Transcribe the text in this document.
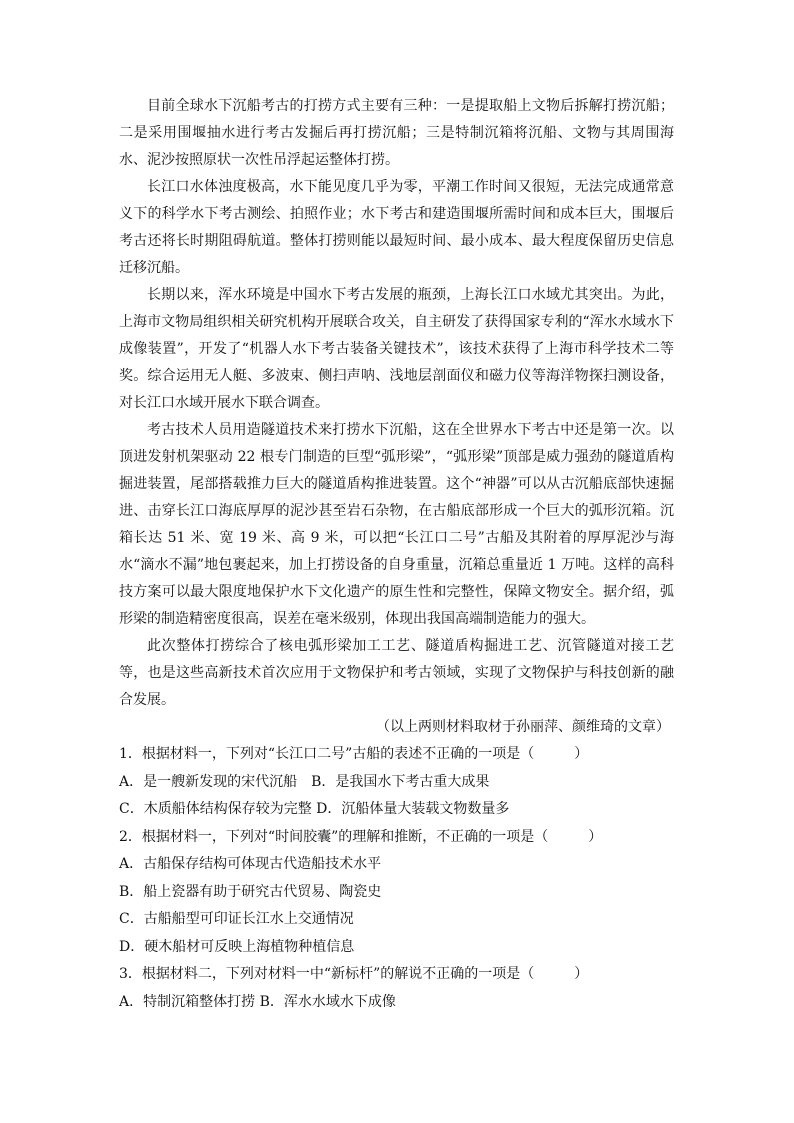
目前全球水下沉船考古的打捞方式主要有三种：一是提取船上文物后拆解打捞沉船；二是采用围堰抽水进行考古发掘后再打捞沉船；三是特制沉箱将沉船、文物与其周围海水、泥沙按照原状一次性吊浮起运整体打捞。

长江口水体浊度极高，水下能见度几乎为零，平潮工作时间又很短，无法完成通常意义下的科学水下考古测绘、拍照作业；水下考古和建造围堰所需时间和成本巨大，围堰后考古还将长时期阻碍航道。整体打捞则能以最短时间、最小成本、最大程度保留历史信息迁移沉船。

长期以来，浑水环境是中国水下考古发展的瓶颈，上海长江口水域尤其突出。为此，上海市文物局组织相关研究机构开展联合攻关，自主研发了获得国家专利的“浑水水域水下成像装置”，开发了“机器人水下考古装备关键技术”，该技术获得了上海市科学技术二等奖。综合运用无人艇、多波束、侧扫声呐、浅地层剖面仪和磁力仪等海洋物探扫测设备，对长江口水域开展水下联合调查。

考古技术人员用造隧道技术来打捞水下沉船，这在全世界水下考古中还是第一次。以顶进发射机架驱动 22 根专门制造的巨型“弧形梁”，“弧形梁”顶部是威力强劲的隧道盾构掘进装置，尾部搭载推力巨大的隧道盾构推进装置。这个“神器”可以从古沉船底部快速掘进、击穿长江口海底厚厚的泥沙甚至岩石杂物，在古船底部形成一个巨大的弧形沉箱。沉箱长达 51 米、宽 19 米、高 9 米，可以把“长江口二号”古船及其附着的厚厚泥沙与海水“滴水不漏”地包裹起来，加上打捞设备的自身重量，沉箱总重量近 1 万吨。这样的高科技方案可以最大限度地保护水下文化遗产的原生性和完整性，保障文物安全。据介绍，弧形梁的制造精密度很高，误差在毫米级别，体现出我国高端制造能力的强大。

此次整体打捞综合了核电弧形梁加工工艺、隧道盾构掘进工艺、沉管隧道对接工艺等，也是这些高新技术首次应用于文物保护和考古领域，实现了文物保护与科技创新的融合发展。

（以上两则材料取材于孙丽萍、颜维琦的文章）

1．根据材料一，下列对“长江口二号”古船的表述不正确的一项是（	）

A．是一艘新发现的宋代沉船 B．是我国水下考古重大成果

C．木质船体结构保存较为完整 D．沉船体量大装载文物数量多

2．根据材料一，下列对“时间胶囊”的理解和推断，不正确的一项是（	）

A．古船保存结构可体现古代造船技术水平

B．船上瓷器有助于研究古代贸易、陶瓷史

C．古船船型可印证长江水上交通情况

D．硬木船材可反映上海植物种植信息

3．根据材料二，下列对材料一中“新标杆”的解说不正确的一项是（	）

A．特制沉箱整体打捞 B．浑水水域水下成像
